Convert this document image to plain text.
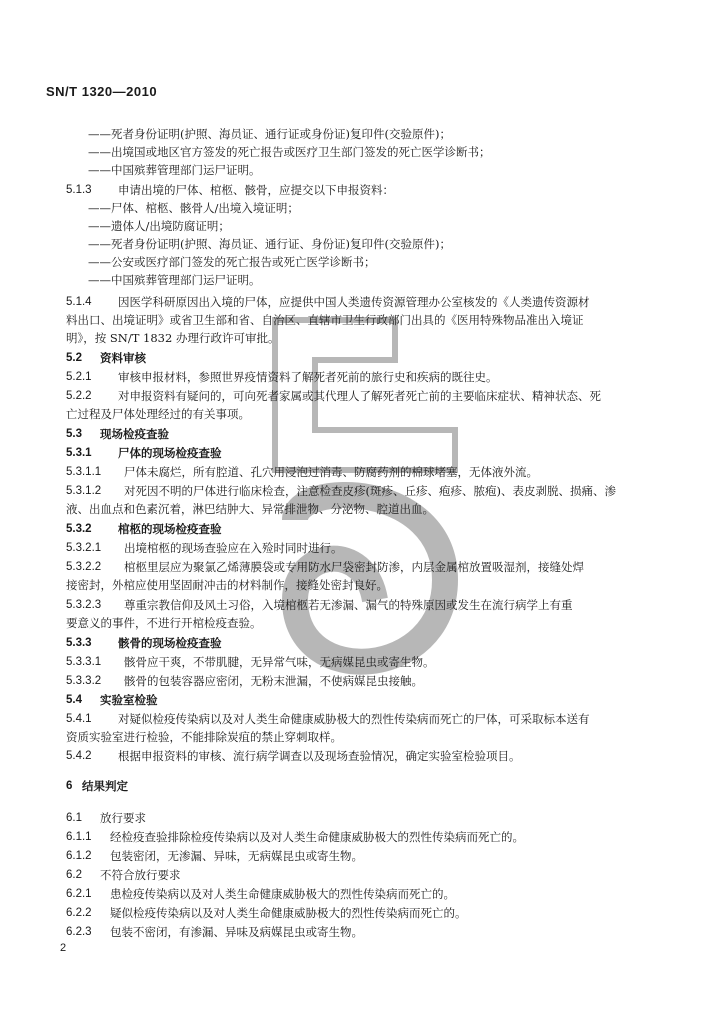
SN/T 1320—2010
——死者身份证明(护照、海员证、通行证或身份证)复印件(交验原件)；
——出境国或地区官方签发的死亡报告或医疗卫生部门签发的死亡医学诊断书；
——中国殡葬管理部门运尸证明。
5.1.3 申请出境的尸体、棺柩、骸骨，应提交以下申报资料：
——尸体、棺柩、骸骨人/出境入境证明；
——遗体人/出境防腐证明；
——死者身份证明(护照、海员证、通行证、身份证)复印件(交验原件)；
——公安或医疗部门签发的死亡报告或死亡医学诊断书；
——中国殡葬管理部门运尸证明。
5.1.4 因医学科研原因出入境的尸体，应提供中国人类遗传资源管理办公室核发的《人类遗传资源材
料出口、出境证明》或省卫生部和省、自治区、直辖市卫生行政部门出具的《医用特殊物品准出入境证
明》，按 SN/T 1832 办理行政许可审批。
5.2 资料审核
5.2.1 审核申报材料，参照世界疫情资料了解死者死前的旅行史和疾病的既往史。
5.2.2 对申报资料有疑问的，可向死者家属或其代理人了解死者死亡前的主要临床症状、精神状态、死
亡过程及尸体处理经过的有关事项。
5.3 现场检疫查验
5.3.1 尸体的现场检疫查验
5.3.1.1 尸体未腐烂，所有腔道、孔穴用浸泡过消毒、防腐药剂的棉球堵塞，无体液外流。
5.3.1.2 对死因不明的尸体进行临床检查，注意检查皮疹(斑疹、丘疹、疱疹、脓疱)、表皮剥脱、损痛、渗
液、出血点和色素沉着，淋巴结肿大、异常排泄物、分泌物、腔道出血。
5.3.2 棺柩的现场检疫查验
5.3.2.1 出境棺柩的现场查验应在入殓时同时进行。
5.3.2.2 棺柩里层应为聚氯乙烯薄膜袋或专用防水尸袋密封防渗，内层金属棺放置吸湿剂，接缝处焊
接密封，外棺应使用坚固耐冲击的材料制作，接缝处密封良好。
5.3.2.3 尊重宗教信仰及风土习俗，入境棺柩若无渗漏、漏气的特殊原因或发生在流行病学上有重
要意义的事件，不进行开棺检疫查验。
5.3.3 骸骨的现场检疫查验
5.3.3.1 骸骨应干爽，不带肌腱，无异常气味，无病媒昆虫或寄生物。
5.3.3.2 骸骨的包装容器应密闭，无粉末泄漏，不使病媒昆虫接触。
5.4 实验室检验
5.4.1 对疑似检疫传染病以及对人类生命健康威胁极大的烈性传染病而死亡的尸体，可采取标本送有
资质实验室进行检验，不能排除炭疽的禁止穿刺取样。
5.4.2 根据申报资料的审核、流行病学调查以及现场查验情况，确定实验室检验项目。
6 结果判定
6.1 放行要求
6.1.1 经检疫查验排除检疫传染病以及对人类生命健康威胁极大的烈性传染病而死亡的。
6.1.2 包装密闭，无渗漏、异味，无病媒昆虫或寄生物。
6.2 不符合放行要求
6.2.1 患检疫传染病以及对人类生命健康威胁极大的烈性传染病而死亡的。
6.2.2 疑似检疫传染病以及对人类生命健康威胁极大的烈性传染病而死亡的。
6.2.3 包装不密闭，有渗漏、异味及病媒昆虫或寄生物。
2
